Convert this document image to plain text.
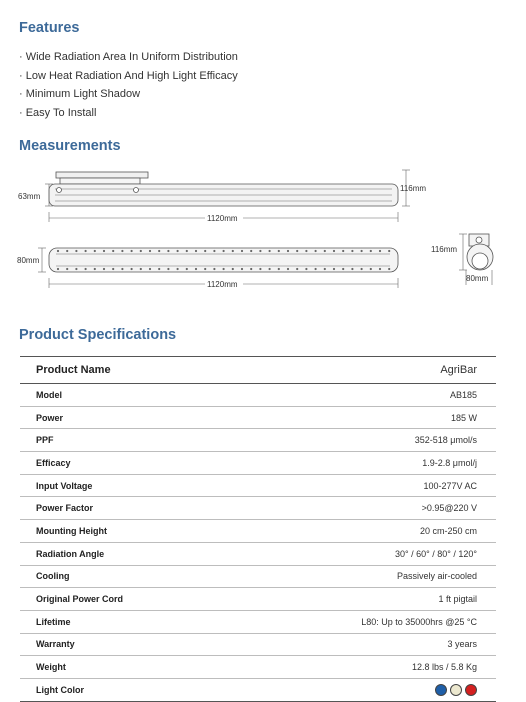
Features
· Wide Radiation Area In Uniform Distribution
· Low Heat Radiation And High Light Efficacy
· Minimum Light Shadow
· Easy To Install
Measurements
63mm
116mm
1120mm
80mm
1120mm
116mm
80mm
Product Specifications
Product Name	AgriBar
Model	AB185
Power	185 W
PPF	352-518 μmol/s
Efficacy	1.9-2.8 μmol/j
Input Voltage	100-277V AC
Power Factor	>0.95@220 V
Mounting Height	20 cm-250 cm
Radiation Angle	30° / 60° / 80° / 120°
Cooling	Passively air-cooled
Original Power Cord	1 ft pigtail
Lifetime	L80: Up to 35000hrs @25 °C
Warranty	3 years
Weight	12.8 lbs / 5.8 Kg
Light Color	
